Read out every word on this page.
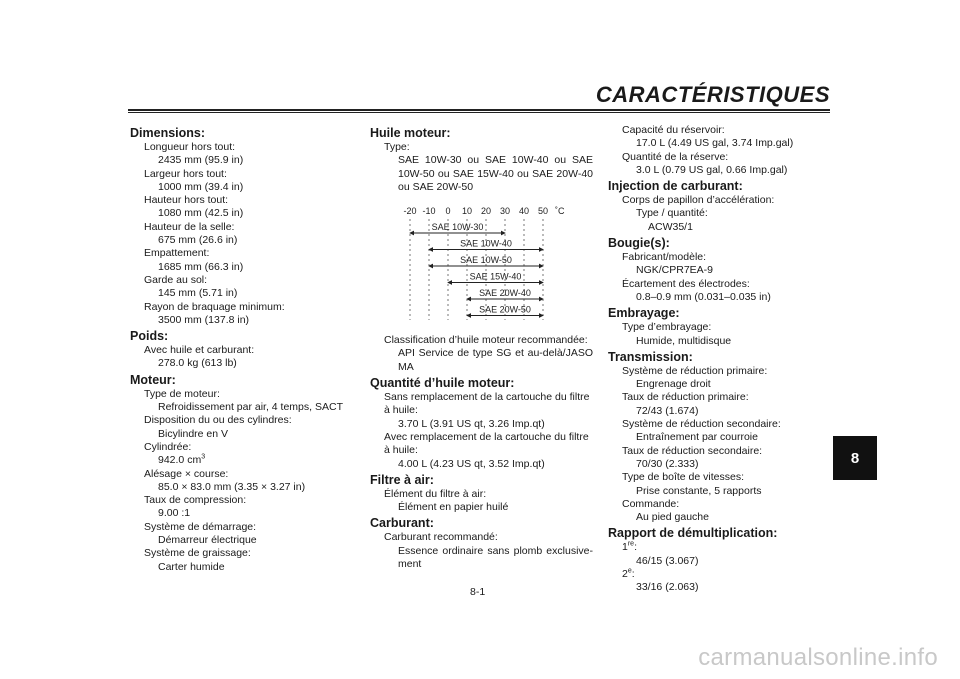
CARACTÉRISTIQUES
Dimensions:
Longueur hors tout:
2435 mm (95.9 in)
Largeur hors tout:
1000 mm (39.4 in)
Hauteur hors tout:
1080 mm (42.5 in)
Hauteur de la selle:
675 mm (26.6 in)
Empattement:
1685 mm (66.3 in)
Garde au sol:
145 mm (5.71 in)
Rayon de braquage minimum:
3500 mm (137.8 in)
Poids:
Avec huile et carburant:
278.0 kg (613 lb)
Moteur:
Type de moteur:
Refroidissement par air, 4 temps, SACT
Disposition du ou des cylindres:
Bicylindre en V
Cylindrée:
942.0 $cm^3$
Alésage × course:
85.0 × 83.0 mm (3.35 × 3.27 in)
Taux de compression:
9.00 :1
Système de démarrage:
Démarreur électrique
Système de graissage:
Carter humide
Huile moteur:
Type:
SAE 10W-30 ou SAE 10W-40 ou SAE 10W-50 ou SAE 15W-40 ou SAE 20W-40 ou SAE 20W-50
-20 -10 0 10 20 30 40 50 ˚C
SAE 10W-30
SAE 10W-40
SAE 10W-50
SAE 15W-40
SAE 20W-40
SAE 20W-50
Classification d’huile moteur recommandée:
API Service de type SG et au-delà/JASO MA
Quantité d’huile moteur:
Sans remplacement de la cartouche du filtre à huile:
3.70 L (3.91 US qt, 3.26 Imp.qt)
Avec remplacement de la cartouche du filtre à huile:
4.00 L (4.23 US qt, 3.52 Imp.qt)
Filtre à air:
Élément du filtre à air:
Élément en papier huilé
Carburant:
Carburant recommandé:
Essence ordinaire sans plomb exclusive-ment
Capacité du réservoir:
17.0 L (4.49 US gal, 3.74 Imp.gal)
Quantité de la réserve:
3.0 L (0.79 US gal, 0.66 Imp.gal)
Injection de carburant:
Corps de papillon d’accélération:
Type / quantité:
ACW35/1
Bougie(s):
Fabricant/modèle:
NGK/CPR7EA-9
Écartement des électrodes:
0.8–0.9 mm (0.031–0.035 in)
Embrayage:
Type d’embrayage:
Humide, multidisque
Transmission:
Système de réduction primaire:
Engrenage droit
Taux de réduction primaire:
72/43 (1.674)
Système de réduction secondaire:
Entraînement par courroie
Taux de réduction secondaire:
70/30 (2.333)
Type de boîte de vitesses:
Prise constante, 5 rapports
Commande:
Au pied gauche
Rapport de démultiplication:
1re:
46/15 (3.067)
2e:
33/16 (2.063)
8
8-1
carmanualsonline.info
